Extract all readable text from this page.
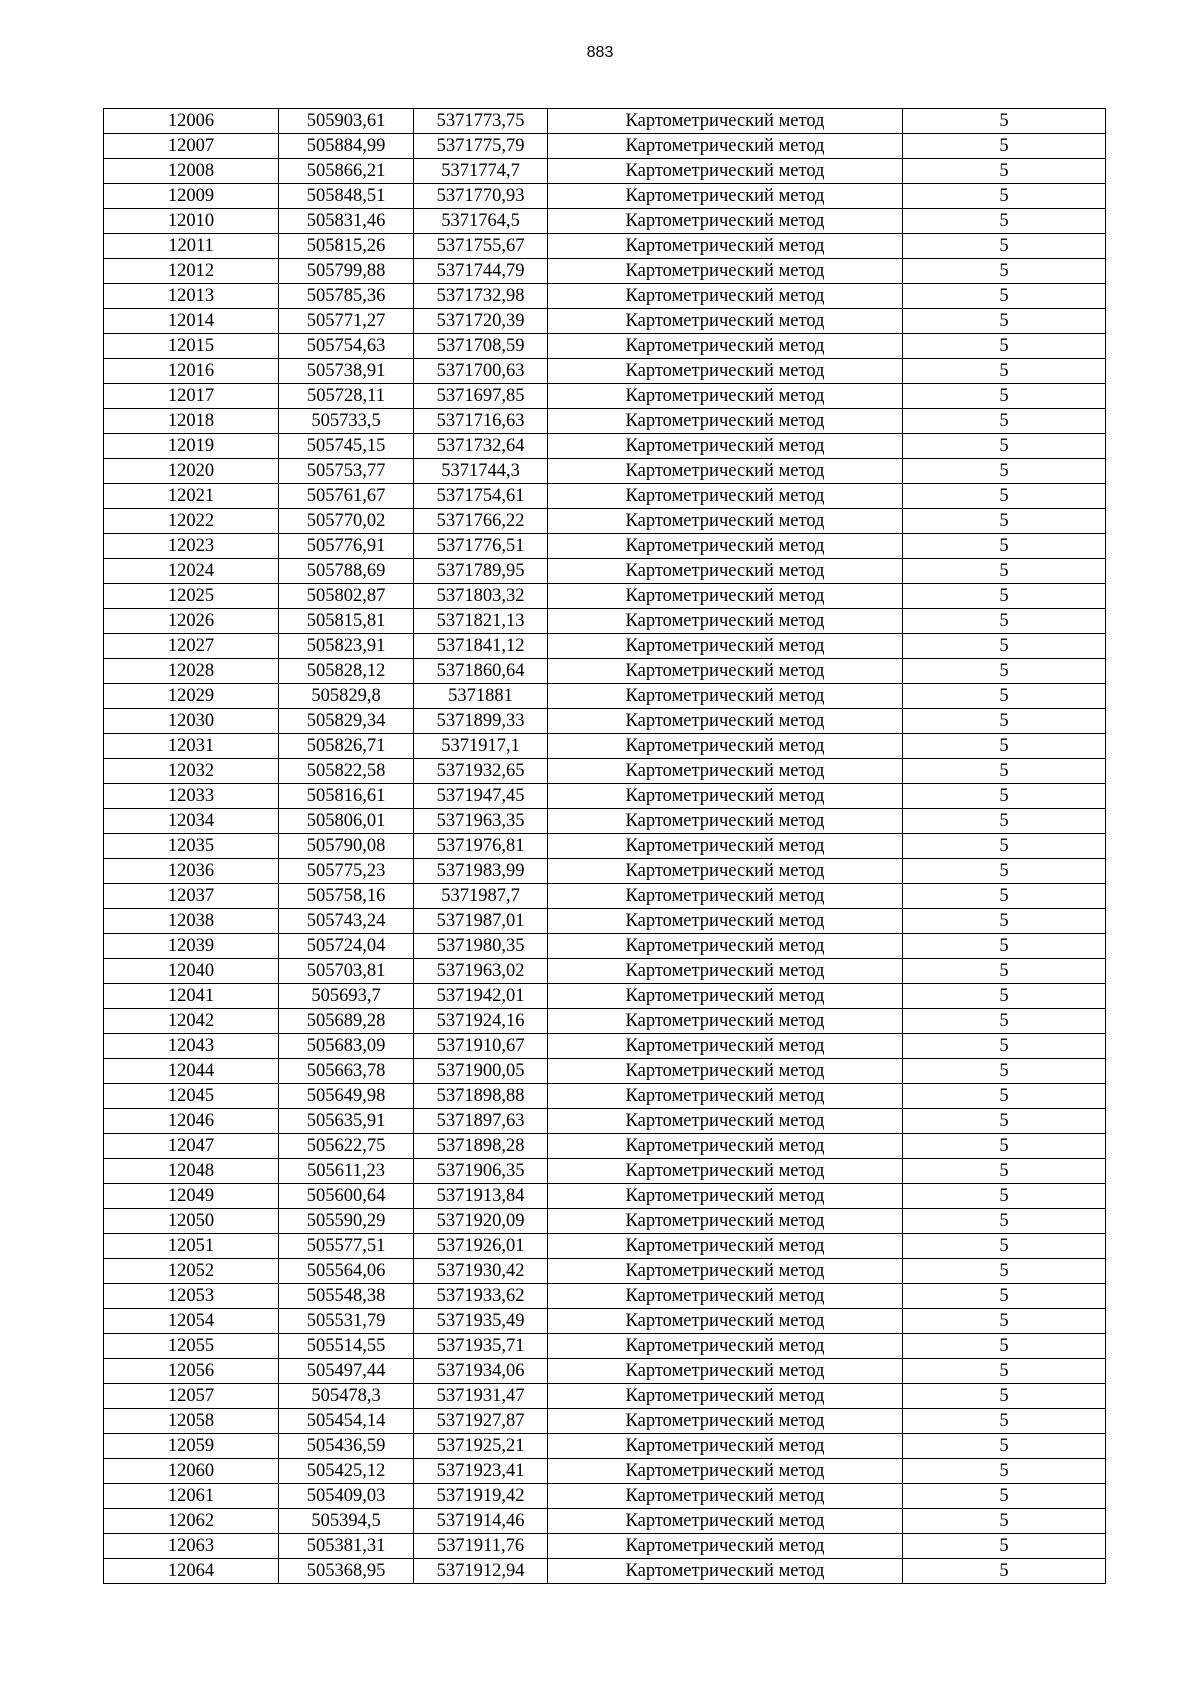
883
12006	505903,61	5371773,75	Картометрический метод	5
12007	505884,99	5371775,79	Картометрический метод	5
12008	505866,21	5371774,7	Картометрический метод	5
12009	505848,51	5371770,93	Картометрический метод	5
12010	505831,46	5371764,5	Картометрический метод	5
12011	505815,26	5371755,67	Картометрический метод	5
12012	505799,88	5371744,79	Картометрический метод	5
12013	505785,36	5371732,98	Картометрический метод	5
12014	505771,27	5371720,39	Картометрический метод	5
12015	505754,63	5371708,59	Картометрический метод	5
12016	505738,91	5371700,63	Картометрический метод	5
12017	505728,11	5371697,85	Картометрический метод	5
12018	505733,5	5371716,63	Картометрический метод	5
12019	505745,15	5371732,64	Картометрический метод	5
12020	505753,77	5371744,3	Картометрический метод	5
12021	505761,67	5371754,61	Картометрический метод	5
12022	505770,02	5371766,22	Картометрический метод	5
12023	505776,91	5371776,51	Картометрический метод	5
12024	505788,69	5371789,95	Картометрический метод	5
12025	505802,87	5371803,32	Картометрический метод	5
12026	505815,81	5371821,13	Картометрический метод	5
12027	505823,91	5371841,12	Картометрический метод	5
12028	505828,12	5371860,64	Картометрический метод	5
12029	505829,8	5371881	Картометрический метод	5
12030	505829,34	5371899,33	Картометрический метод	5
12031	505826,71	5371917,1	Картометрический метод	5
12032	505822,58	5371932,65	Картометрический метод	5
12033	505816,61	5371947,45	Картометрический метод	5
12034	505806,01	5371963,35	Картометрический метод	5
12035	505790,08	5371976,81	Картометрический метод	5
12036	505775,23	5371983,99	Картометрический метод	5
12037	505758,16	5371987,7	Картометрический метод	5
12038	505743,24	5371987,01	Картометрический метод	5
12039	505724,04	5371980,35	Картометрический метод	5
12040	505703,81	5371963,02	Картометрический метод	5
12041	505693,7	5371942,01	Картометрический метод	5
12042	505689,28	5371924,16	Картометрический метод	5
12043	505683,09	5371910,67	Картометрический метод	5
12044	505663,78	5371900,05	Картометрический метод	5
12045	505649,98	5371898,88	Картометрический метод	5
12046	505635,91	5371897,63	Картометрический метод	5
12047	505622,75	5371898,28	Картометрический метод	5
12048	505611,23	5371906,35	Картометрический метод	5
12049	505600,64	5371913,84	Картометрический метод	5
12050	505590,29	5371920,09	Картометрический метод	5
12051	505577,51	5371926,01	Картометрический метод	5
12052	505564,06	5371930,42	Картометрический метод	5
12053	505548,38	5371933,62	Картометрический метод	5
12054	505531,79	5371935,49	Картометрический метод	5
12055	505514,55	5371935,71	Картометрический метод	5
12056	505497,44	5371934,06	Картометрический метод	5
12057	505478,3	5371931,47	Картометрический метод	5
12058	505454,14	5371927,87	Картометрический метод	5
12059	505436,59	5371925,21	Картометрический метод	5
12060	505425,12	5371923,41	Картометрический метод	5
12061	505409,03	5371919,42	Картометрический метод	5
12062	505394,5	5371914,46	Картометрический метод	5
12063	505381,31	5371911,76	Картометрический метод	5
12064	505368,95	5371912,94	Картометрический метод	5
